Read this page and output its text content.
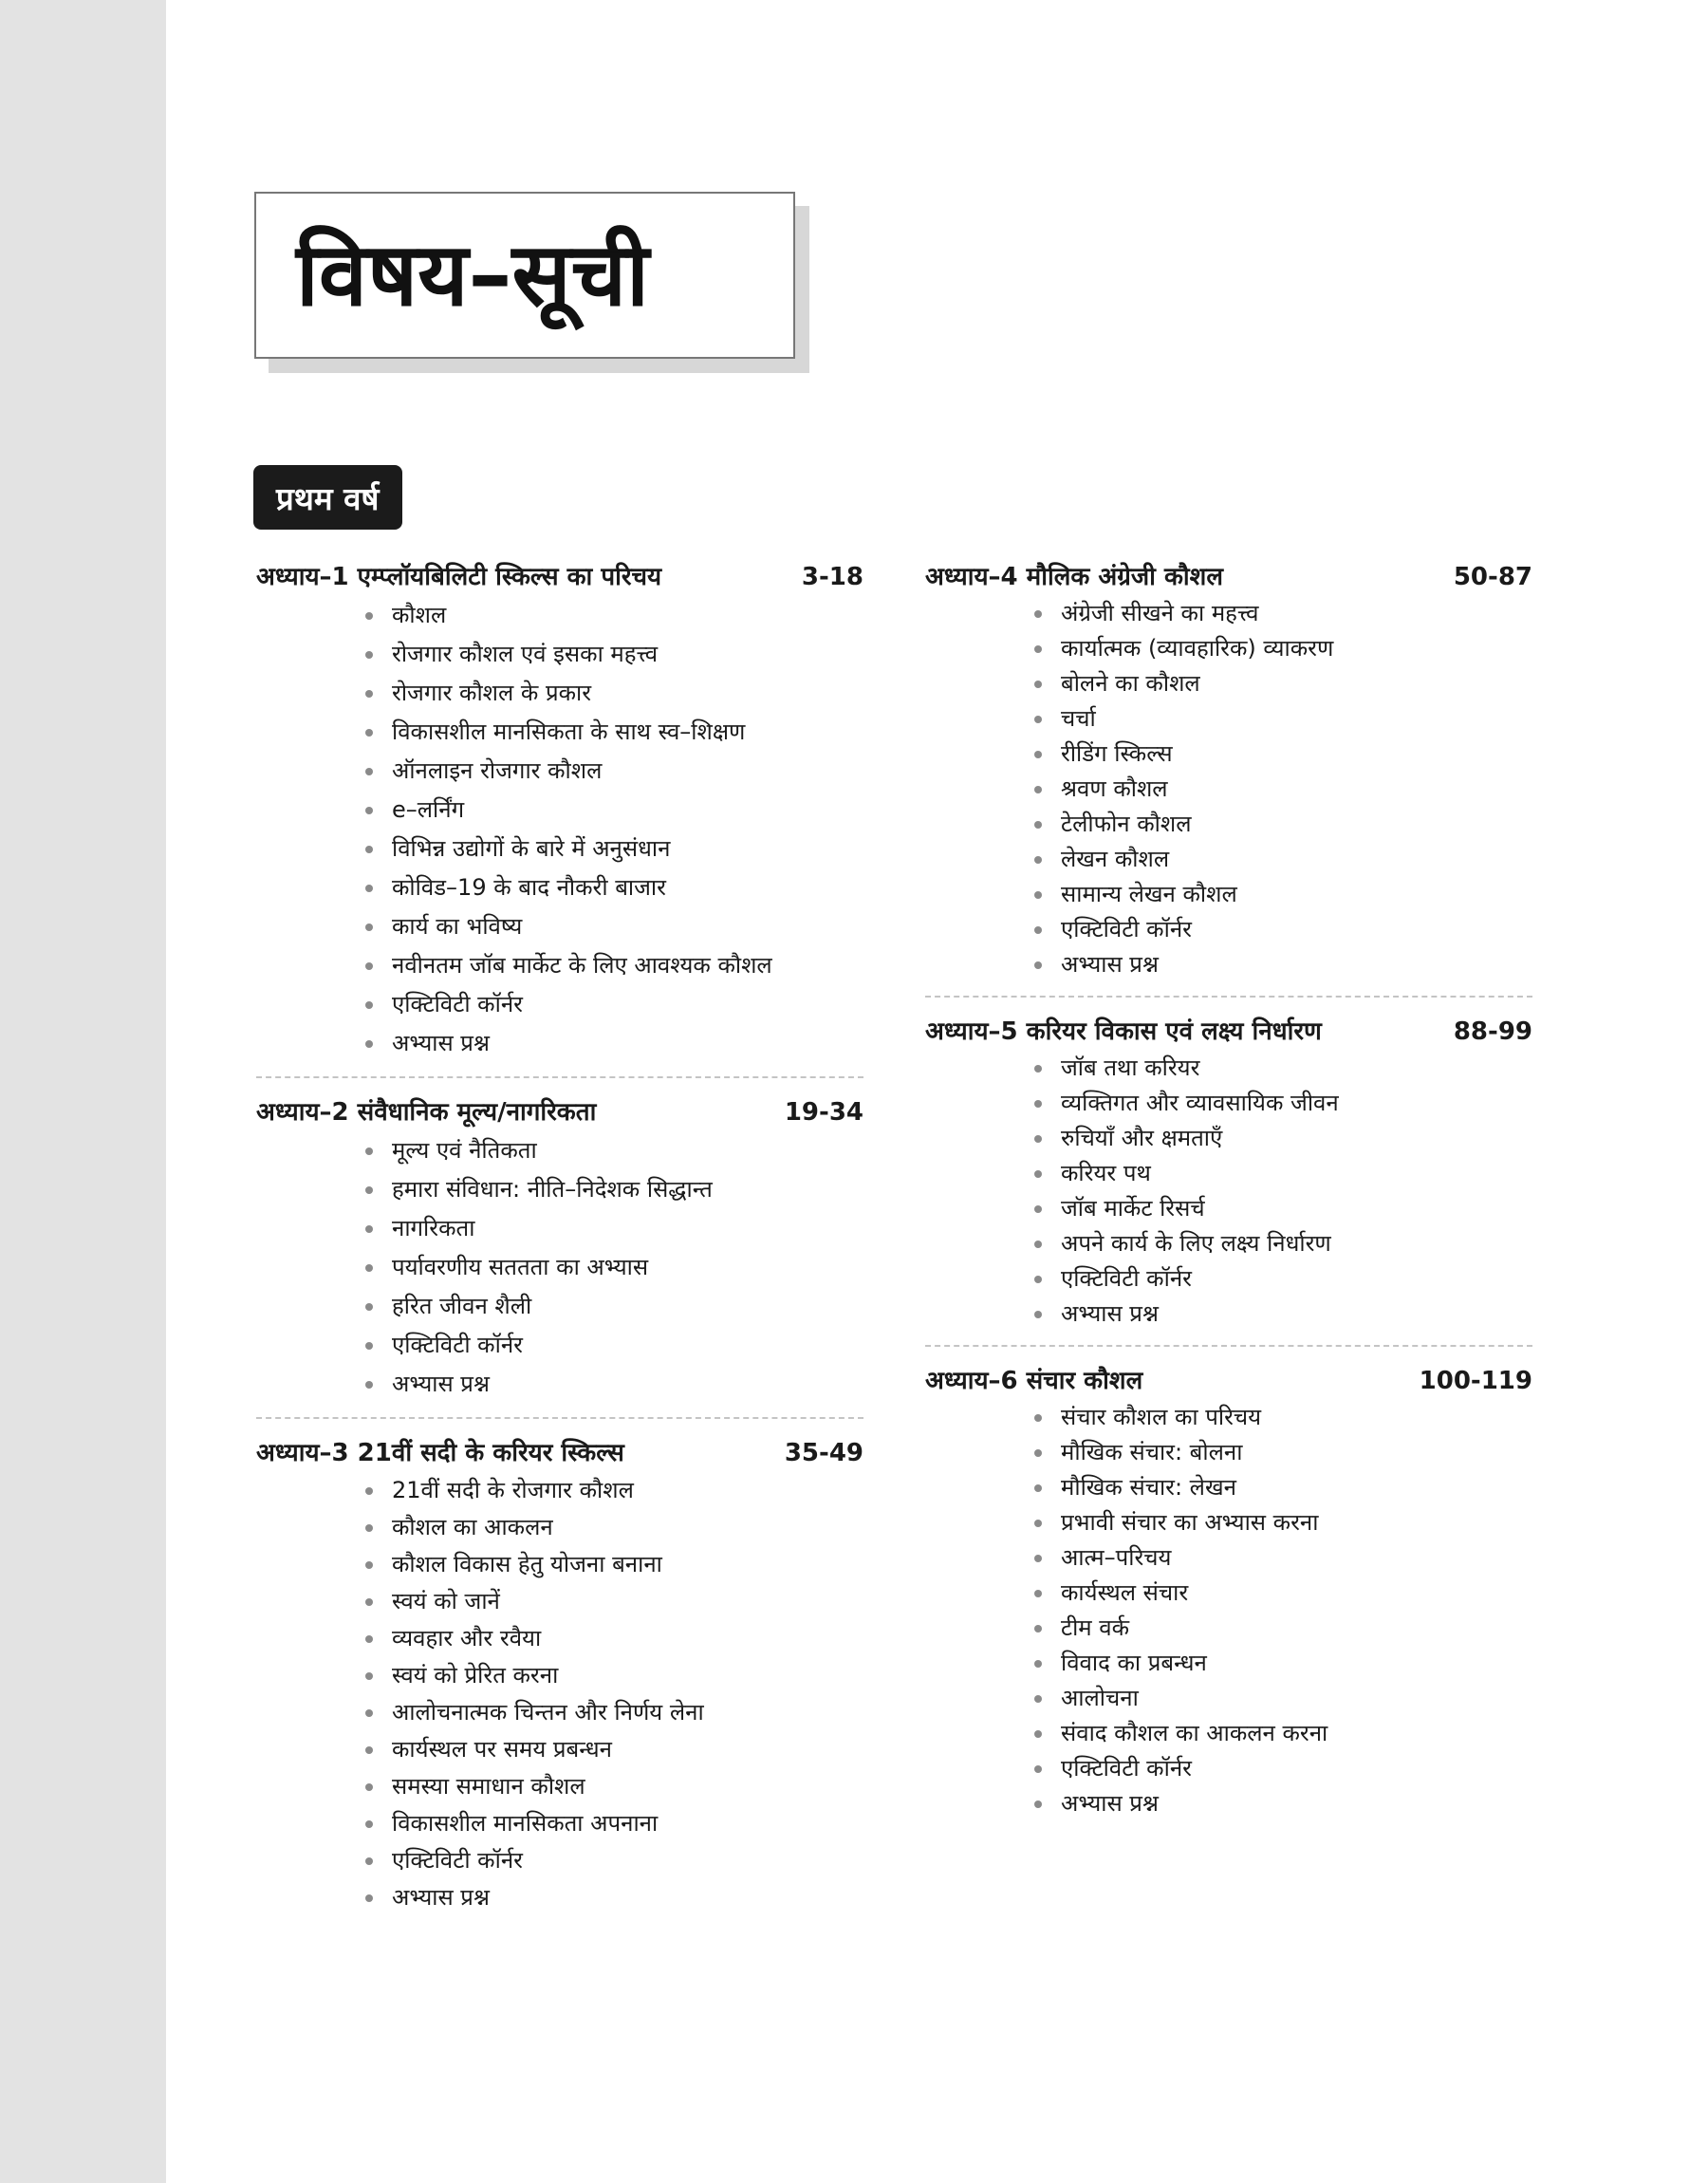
विषय–सूची
प्रथम वर्ष
अध्याय–1 एम्प्लॉयबिलिटी स्किल्स का परिचय	3-18
कौशल
रोजगार कौशल एवं इसका महत्त्व
रोजगार कौशल के प्रकार
विकासशील मानसिकता के साथ स्व–शिक्षण
ऑनलाइन रोजगार कौशल
e–लर्निंग
विभिन्न उद्योगों के बारे में अनुसंधान
कोविड–19 के बाद नौकरी बाजार
कार्य का भविष्य
नवीनतम जॉब मार्केट के लिए आवश्यक कौशल
एक्टिविटी कॉर्नर
अभ्यास प्रश्न
अध्याय–2 संवैधानिक मूल्य/नागरिकता	19-34
मूल्य एवं नैतिकता
हमारा संविधान: नीति–निदेशक सिद्धान्त
नागरिकता
पर्यावरणीय सततता का अभ्यास
हरित जीवन शैली
एक्टिविटी कॉर्नर
अभ्यास प्रश्न
अध्याय–3 21वीं सदी के करियर स्किल्स	35-49
21वीं सदी के रोजगार कौशल
कौशल का आकलन
कौशल विकास हेतु योजना बनाना
स्वयं को जानें
व्यवहार और रवैया
स्वयं को प्रेरित करना
आलोचनात्मक चिन्तन और निर्णय लेना
कार्यस्थल पर समय प्रबन्धन
समस्या समाधान कौशल
विकासशील मानसिकता अपनाना
एक्टिविटी कॉर्नर
अभ्यास प्रश्न
अध्याय–4 मौलिक अंग्रेजी कौशल	50-87
अंग्रेजी सीखने का महत्त्व
कार्यात्मक (व्यावहारिक) व्याकरण
बोलने का कौशल
चर्चा
रीडिंग स्किल्स
श्रवण कौशल
टेलीफोन कौशल
लेखन कौशल
सामान्य लेखन कौशल
एक्टिविटी कॉर्नर
अभ्यास प्रश्न
अध्याय–5 करियर विकास एवं लक्ष्य निर्धारण	88-99
जॉब तथा करियर
व्यक्तिगत और व्यावसायिक जीवन
रुचियाँ और क्षमताएँ
करियर पथ
जॉब मार्केट रिसर्च
अपने कार्य के लिए लक्ष्य निर्धारण
एक्टिविटी कॉर्नर
अभ्यास प्रश्न
अध्याय–6 संचार कौशल	100-119
संचार कौशल का परिचय
मौखिक संचार: बोलना
मौखिक संचार: लेखन
प्रभावी संचार का अभ्यास करना
आत्म–परिचय
कार्यस्थल संचार
टीम वर्क
विवाद का प्रबन्धन
आलोचना
संवाद कौशल का आकलन करना
एक्टिविटी कॉर्नर
अभ्यास प्रश्न
